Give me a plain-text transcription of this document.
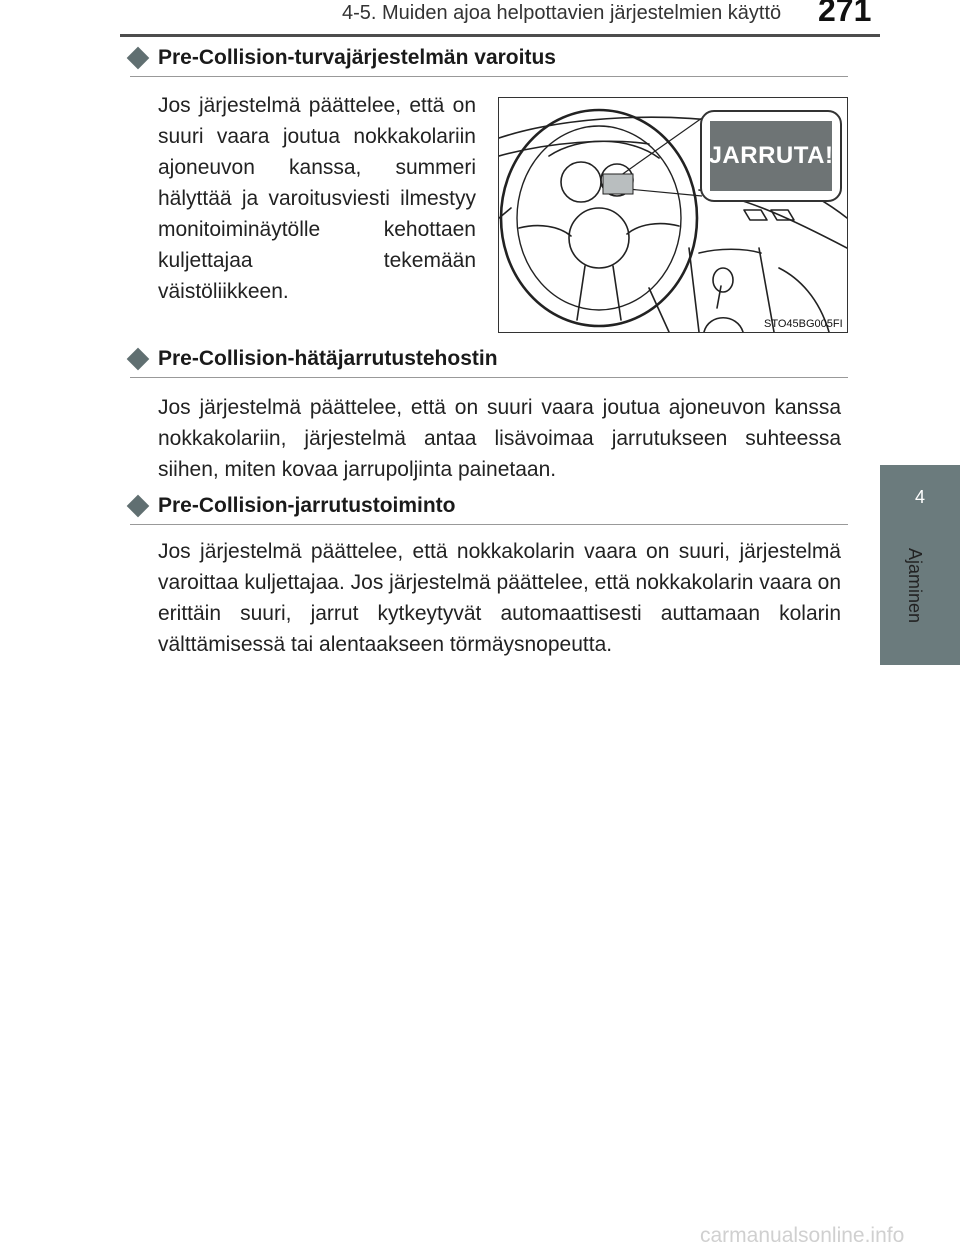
4-5. Muiden ajoa helpottavien järjestelmien käyttö 271
4
Ajaminen
Pre-Collision-turvajärjestelmän varoitus
Jos järjestelmä päättelee, että on suuri vaara joutua nokkakolariin ajoneuvon kanssa, summeri hälyttää ja varoitusviesti ilmestyy monitoiminäytölle kehottaen kuljettajaa tekemään väistöliikkeen.
JARRUTA!
STO45BG005FI
Pre-Collision-hätäjarrutustehostin
Jos järjestelmä päättelee, että on suuri vaara joutua ajoneuvon kanssa nokkakolariin, järjestelmä antaa lisävoimaa jarrutukseen suhteessa siihen, miten kovaa jarrupoljinta painetaan.
Pre-Collision-jarrutustoiminto
Jos järjestelmä päättelee, että nokkakolarin vaara on suuri, järjestelmä varoittaa kuljettajaa. Jos järjestelmä päättelee, että nokkakolarin vaara on erittäin suuri, jarrut kytkeytyvät automaattisesti auttamaan kolarin välttämisessä tai alentaakseen törmäysnopeutta.
carmanualsonline.info
